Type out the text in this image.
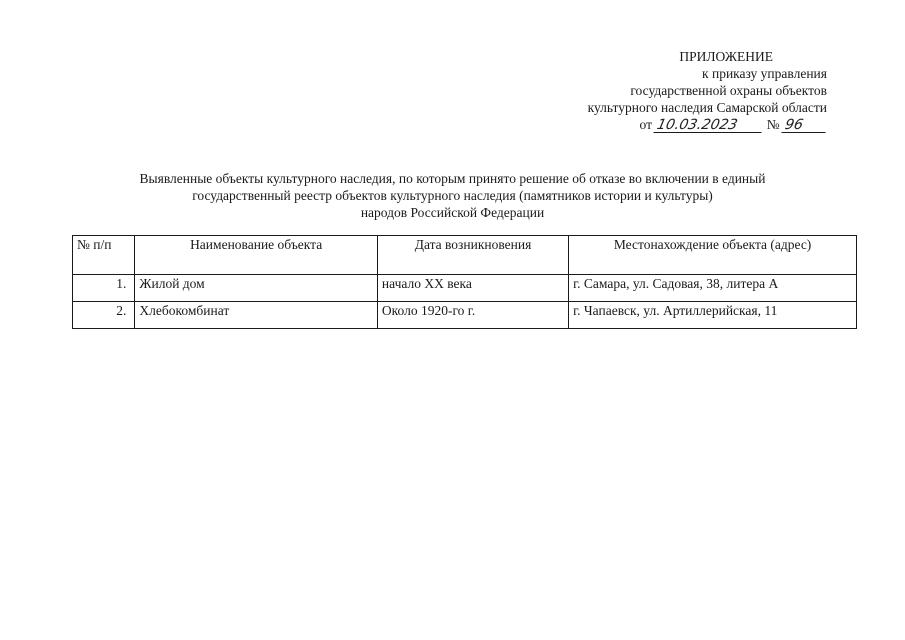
ПРИЛОЖЕНИЕ
к приказу управления
государственной охраны объектов
культурного наследия Самарской области
от 10.03.2023 № 96
Выявленные объекты культурного наследия, по которым принято решение об отказе во включении в единый
государственный реестр объектов культурного наследия (памятников истории и культуры)
народов Российской Федерации
№ п/п	Наименование объекта	Дата возникновения	Местонахождение объекта (адрес)
1.	Жилой дом	начало ХХ века	г. Самара, ул. Садовая, 38, литера А
2.	Хлебокомбинат	Около 1920-го г.	г. Чапаевск, ул. Артиллерийская, 11
